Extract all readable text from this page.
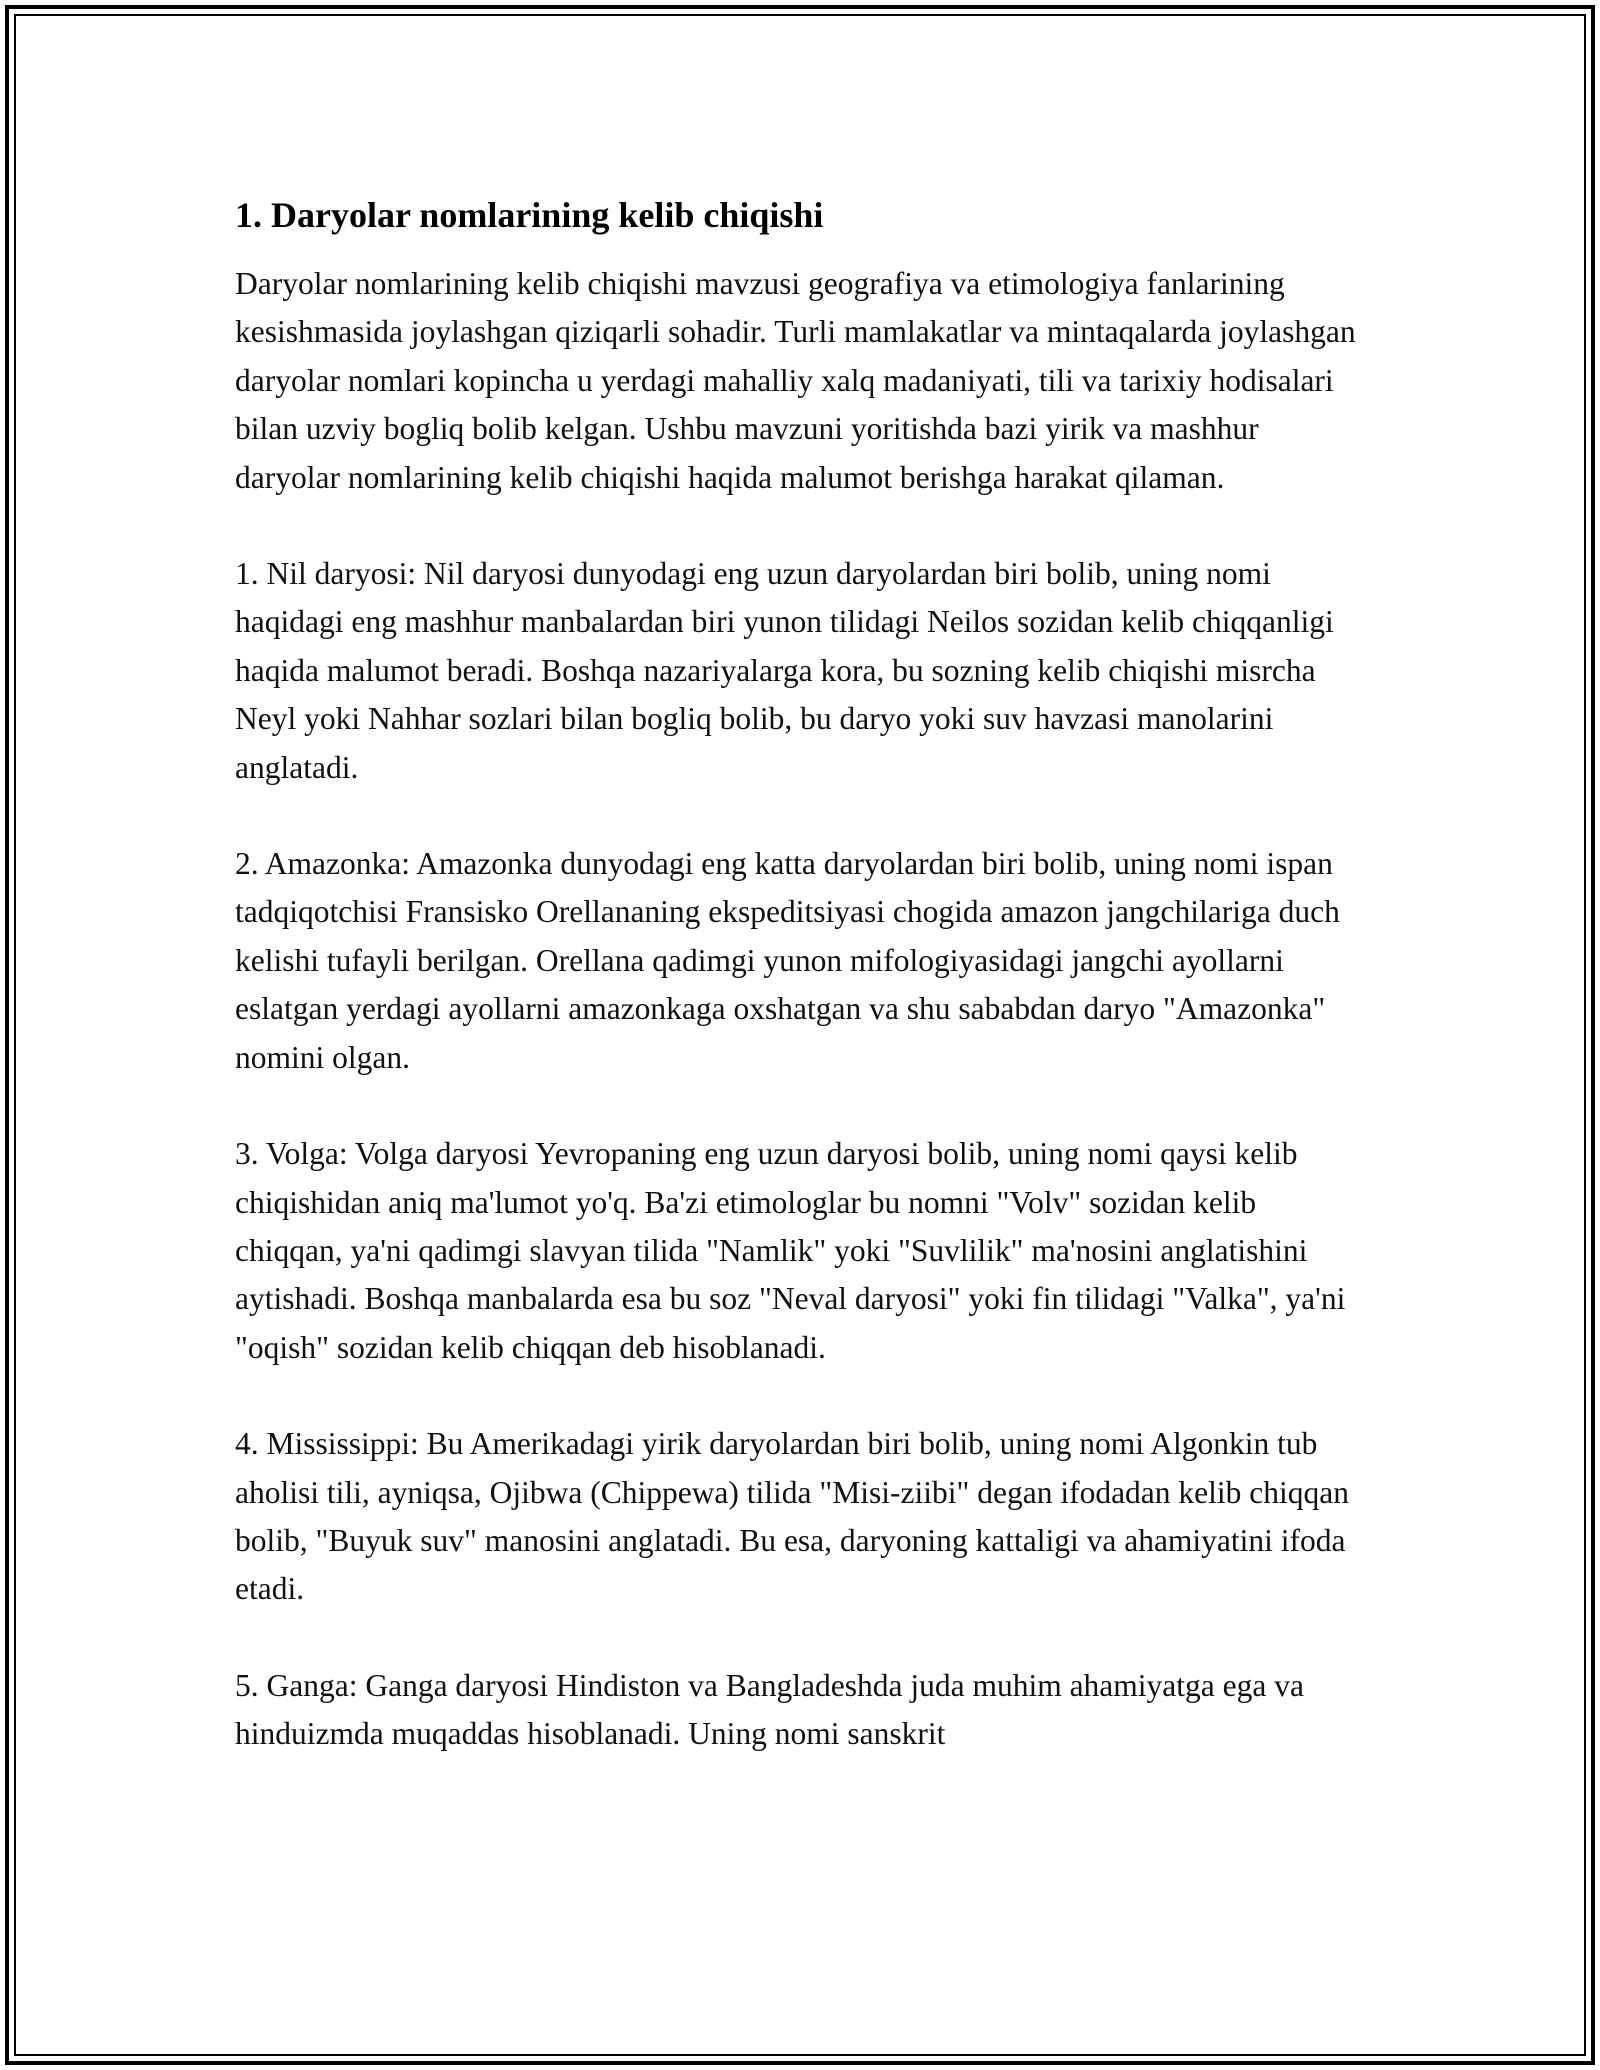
1. Daryolar nomlarining kelib chiqishi

Daryolar nomlarining kelib chiqishi mavzusi geografiya va etimologiya fanlarining kesishmasida joylashgan qiziqarli sohadir. Turli mamlakatlar va mintaqalarda joylashgan daryolar nomlari kopincha u yerdagi mahalliy xalq madaniyati, tili va tarixiy hodisalari bilan uzviy bogliq bolib kelgan. Ushbu mavzuni yoritishda bazi yirik va mashhur daryolar nomlarining kelib chiqishi haqida malumot berishga harakat qilaman.

1. Nil daryosi: Nil daryosi dunyodagi eng uzun daryolardan biri bolib, uning nomi haqidagi eng mashhur manbalardan biri yunon tilidagi Neilos sozidan kelib chiqqanligi haqida malumot beradi. Boshqa nazariyalarga kora, bu sozning kelib chiqishi misrcha Neyl yoki Nahhar sozlari bilan bogliq bolib, bu daryo yoki suv havzasi manolarini anglatadi.

2. Amazonka: Amazonka dunyodagi eng katta daryolardan biri bolib, uning nomi ispan tadqiqotchisi Fransisko Orellananing ekspeditsiyasi chogida amazon jangchilariga duch kelishi tufayli berilgan. Orellana qadimgi yunon mifologiyasidagi jangchi ayollarni eslatgan yerdagi ayollarni amazonkaga oxshatgan va shu sababdan daryo "Amazonka" nomini olgan.

3. Volga: Volga daryosi Yevropaning eng uzun daryosi bolib, uning nomi qaysi kelib chiqishidan aniq ma'lumot yo'q. Ba'zi etimologlar bu nomni "Volv" sozidan kelib chiqqan, ya'ni qadimgi slavyan tilida "Namlik" yoki "Suvlilik" ma'nosini anglatishini aytishadi. Boshqa manbalarda esa bu soz "Neval daryosi" yoki fin tilidagi "Valka", ya'ni "oqish" sozidan kelib chiqqan deb hisoblanadi.

4. Mississippi: Bu Amerikadagi yirik daryolardan biri bolib, uning nomi Algonkin tub aholisi tili, ayniqsa, Ojibwa (Chippewa) tilida "Misi-ziibi" degan ifodadan kelib chiqqan bolib, "Buyuk suv" manosini anglatadi. Bu esa, daryoning kattaligi va ahamiyatini ifoda etadi.

5. Ganga: Ganga daryosi Hindiston va Bangladeshda juda muhim ahamiyatga ega va hinduizmda muqaddas hisoblanadi. Uning nomi sanskrit
